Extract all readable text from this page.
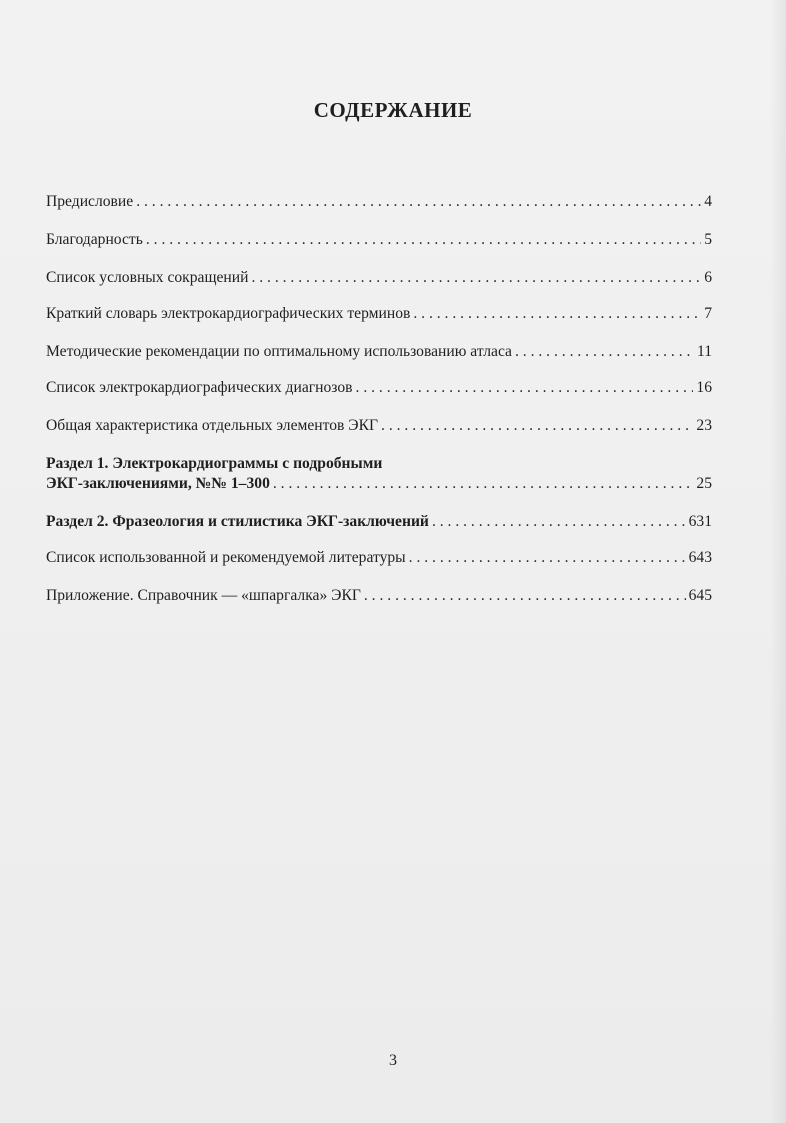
СОДЕРЖАНИЕ
Предисловие . . .	4
Благодарность . . .	5
Список условных сокращений . . .	6
Краткий словарь электрокардиографических терминов . . .	7
Методические рекомендации по оптимальному использованию атласа . . .	11
Список электрокардиографических диагнозов . . .	16
Общая характеристика отдельных элементов ЭКГ . . .	23
Раздел 1. Электрокардиограммы с подробными
ЭКГ-заключениями, №№ 1–300 . . .	25
Раздел 2. Фразеология и стилистика ЭКГ-заключений . . .	631
Список использованной и рекомендуемой литературы . . .	643
Приложение. Справочник — «шпаргалка» ЭКГ . . .	645
3
